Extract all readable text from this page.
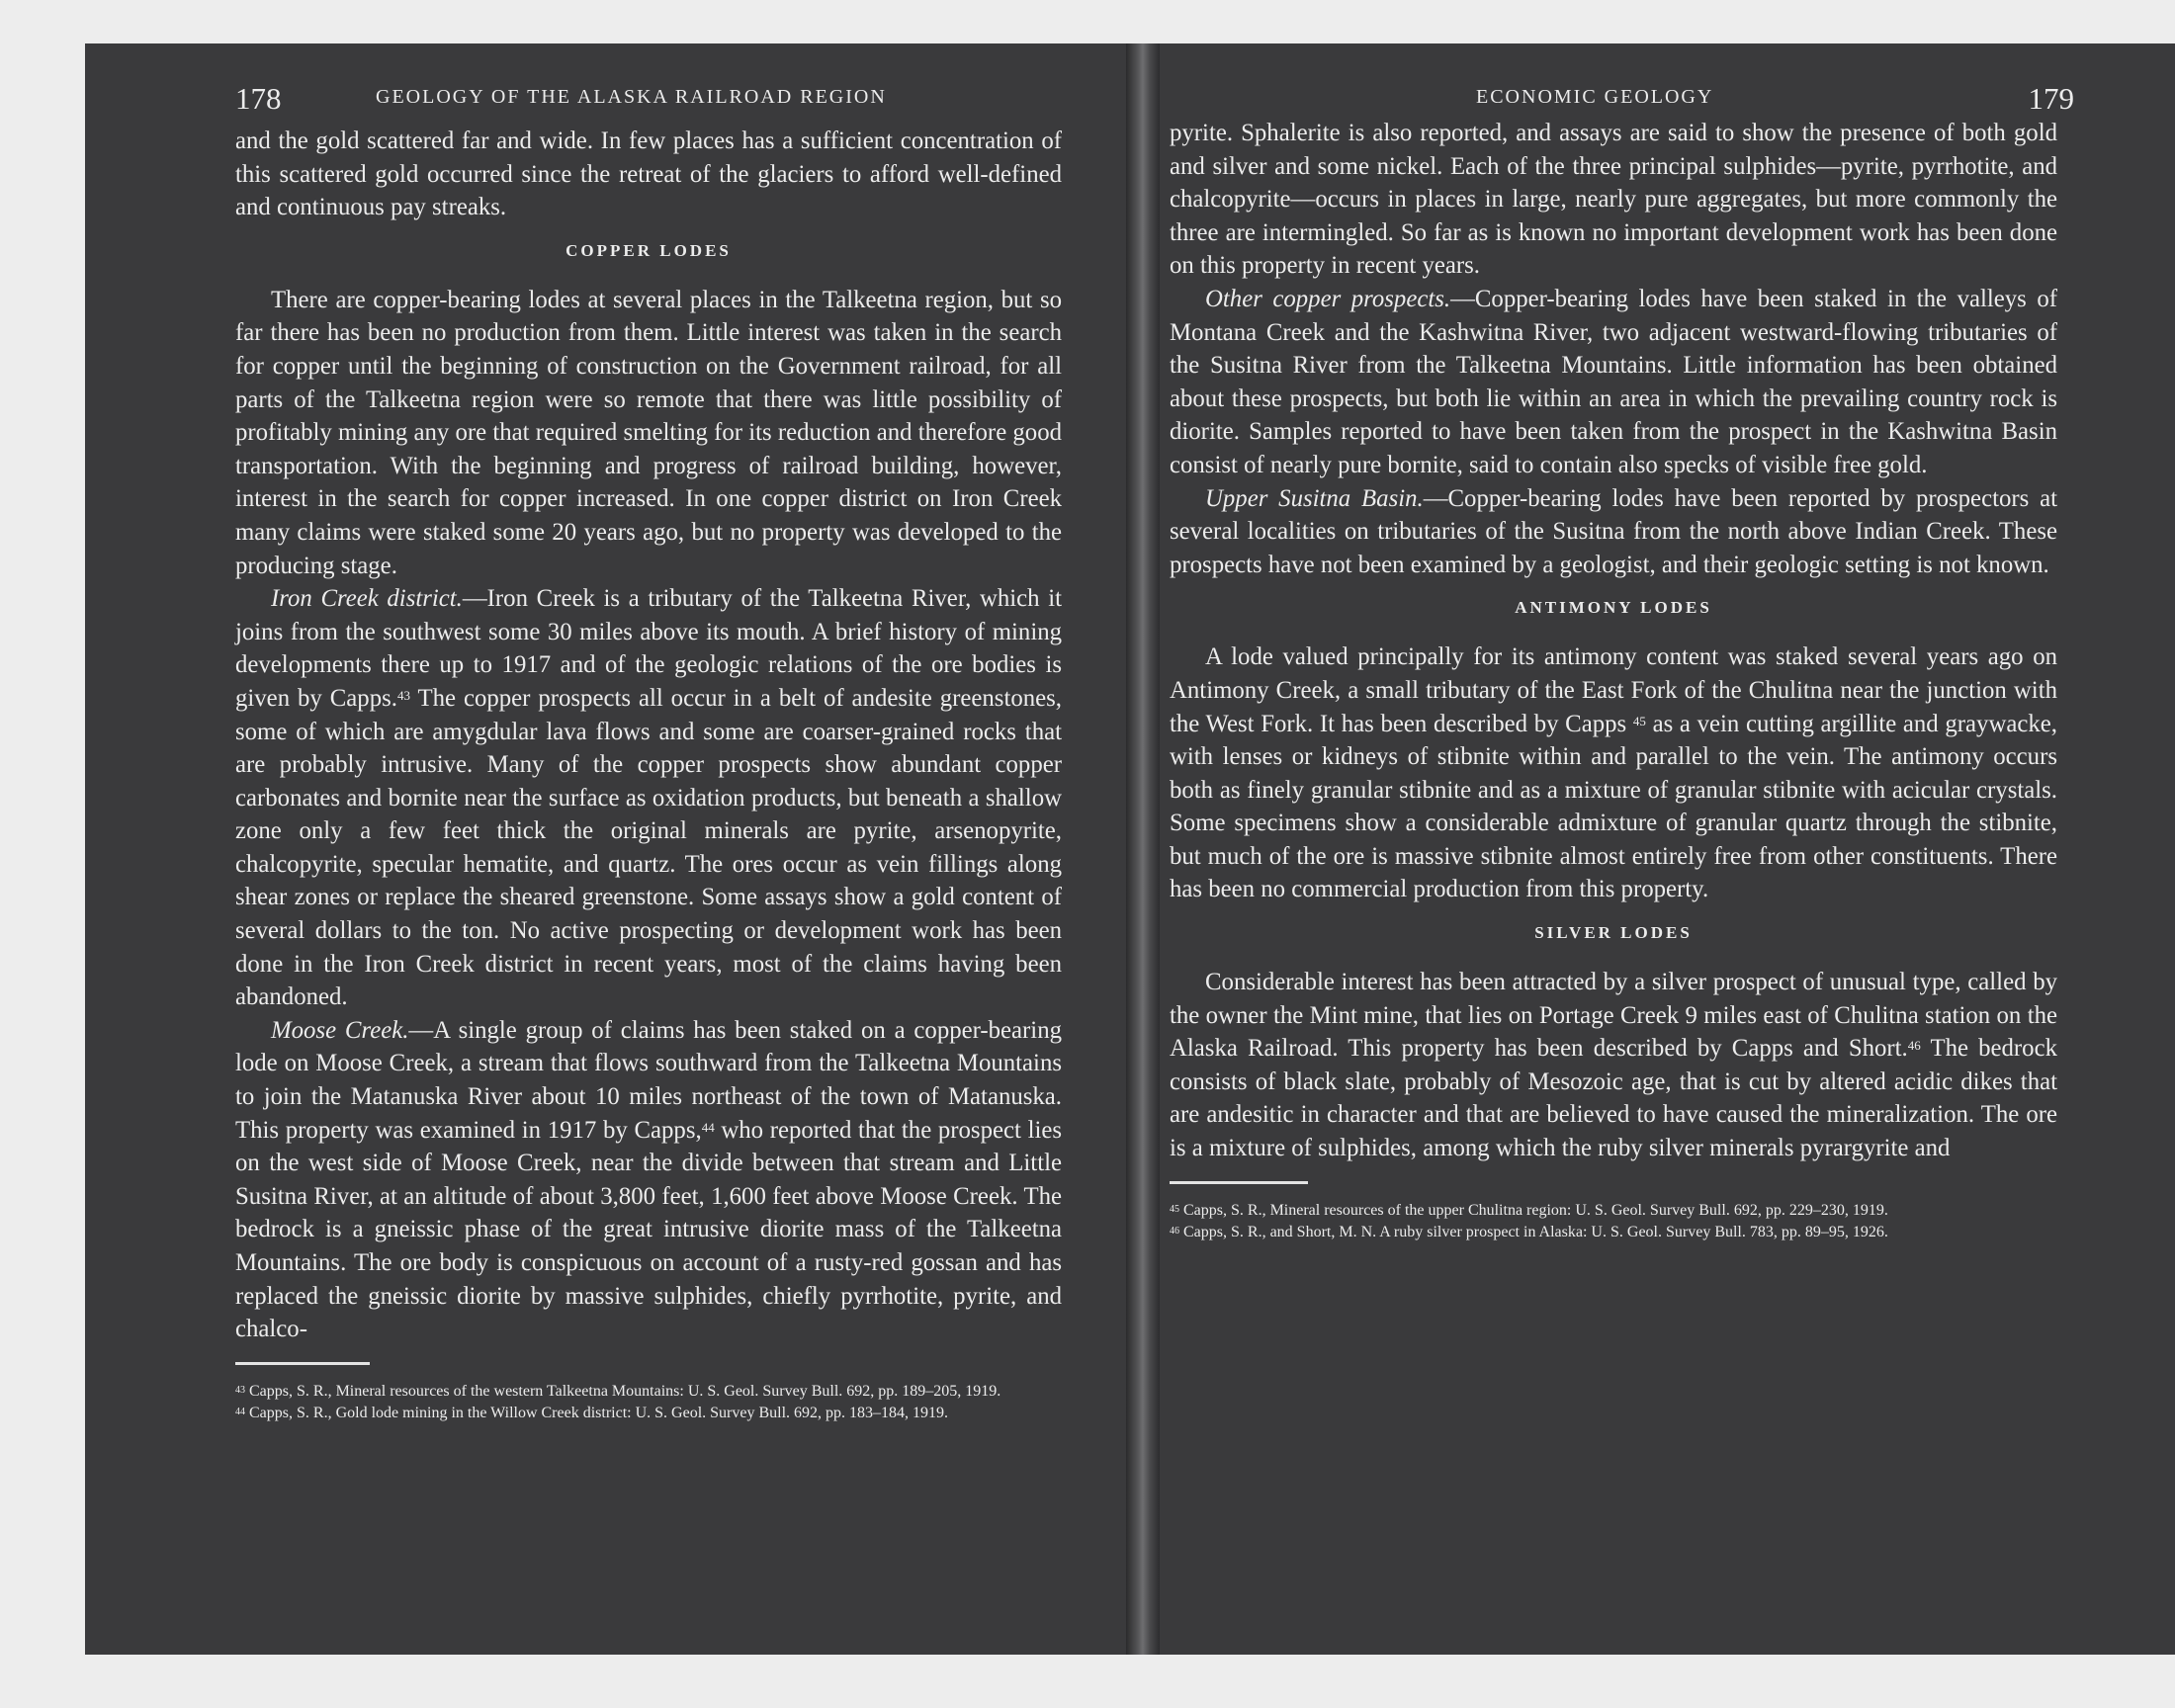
178	GEOLOGY OF THE ALASKA RAILROAD REGION

and the gold scattered far and wide. In few places has a sufficient concentration of this scattered gold occurred since the retreat of the glaciers to afford well-defined and continuous pay streaks.

COPPER LODES

There are copper-bearing lodes at several places in the Talkeetna region, but so far there has been no production from them. Little interest was taken in the search for copper until the beginning of construction on the Government railroad, for all parts of the Talkeetna region were so remote that there was little possibility of profitably mining any ore that required smelting for its reduction and therefore good transportation. With the beginning and progress of railroad building, however, interest in the search for copper increased. In one copper district on Iron Creek many claims were staked some 20 years ago, but no property was developed to the producing stage.

Iron Creek district.—Iron Creek is a tributary of the Talkeetna River, which it joins from the southwest some 30 miles above its mouth. A brief history of mining developments there up to 1917 and of the geologic relations of the ore bodies is given by Capps.$^{43}$ The copper prospects all occur in a belt of andesite greenstones, some of which are amygdular lava flows and some are coarser-grained rocks that are probably intrusive. Many of the copper prospects show abundant copper carbonates and bornite near the surface as oxidation products, but beneath a shallow zone only a few feet thick the original minerals are pyrite, arsenopyrite, chalcopyrite, specular hematite, and quartz. The ores occur as vein fillings along shear zones or replace the sheared greenstone. Some assays show a gold content of several dollars to the ton. No active prospecting or development work has been done in the Iron Creek district in recent years, most of the claims having been abandoned.

Moose Creek.—A single group of claims has been staked on a copper-bearing lode on Moose Creek, a stream that flows southward from the Talkeetna Mountains to join the Matanuska River about 10 miles northeast of the town of Matanuska. This property was examined in 1917 by Capps,$^{44}$ who reported that the prospect lies on the west side of Moose Creek, near the divide between that stream and Little Susitna River, at an altitude of about 3,800 feet, 1,600 feet above Moose Creek. The bedrock is a gneissic phase of the great intrusive diorite mass of the Talkeetna Mountains. The ore body is conspicuous on account of a rusty-red gossan and has replaced the gneissic diorite by massive sulphides, chiefly pyrrhotite, pyrite, and chalco-

$^{43}$ Capps, S. R., Mineral resources of the western Talkeetna Mountains: U. S. Geol. Survey Bull. 692, pp. 189–205, 1919.

$^{44}$ Capps, S. R., Gold lode mining in the Willow Creek district: U. S. Geol. Survey Bull. 692, pp. 183–184, 1919.

ECONOMIC GEOLOGY	179

pyrite. Sphalerite is also reported, and assays are said to show the presence of both gold and silver and some nickel. Each of the three principal sulphides—pyrite, pyrrhotite, and chalcopyrite—occurs in places in large, nearly pure aggregates, but more commonly the three are intermingled. So far as is known no important development work has been done on this property in recent years.

Other copper prospects.—Copper-bearing lodes have been staked in the valleys of Montana Creek and the Kashwitna River, two adjacent westward-flowing tributaries of the Susitna River from the Talkeetna Mountains. Little information has been obtained about these prospects, but both lie within an area in which the prevailing country rock is diorite. Samples reported to have been taken from the prospect in the Kashwitna Basin consist of nearly pure bornite, said to contain also specks of visible free gold.

Upper Susitna Basin.—Copper-bearing lodes have been reported by prospectors at several localities on tributaries of the Susitna from the north above Indian Creek. These prospects have not been examined by a geologist, and their geologic setting is not known.

ANTIMONY LODES

A lode valued principally for its antimony content was staked several years ago on Antimony Creek, a small tributary of the East Fork of the Chulitna near the junction with the West Fork. It has been described by Capps $^{45}$ as a vein cutting argillite and graywacke, with lenses or kidneys of stibnite within and parallel to the vein. The antimony occurs both as finely granular stibnite and as a mixture of granular stibnite with acicular crystals. Some specimens show a considerable admixture of granular quartz through the stibnite, but much of the ore is massive stibnite almost entirely free from other constituents. There has been no commercial production from this property.

SILVER LODES

Considerable interest has been attracted by a silver prospect of unusual type, called by the owner the Mint mine, that lies on Portage Creek 9 miles east of Chulitna station on the Alaska Railroad. This property has been described by Capps and Short.$^{46}$ The bedrock consists of black slate, probably of Mesozoic age, that is cut by altered acidic dikes that are andesitic in character and that are believed to have caused the mineralization. The ore is a mixture of sulphides, among which the ruby silver minerals pyrargyrite and

$^{45}$ Capps, S. R., Mineral resources of the upper Chulitna region: U. S. Geol. Survey Bull. 692, pp. 229–230, 1919.

$^{46}$ Capps, S. R., and Short, M. N. A ruby silver prospect in Alaska: U. S. Geol. Survey Bull. 783, pp. 89–95, 1926.
